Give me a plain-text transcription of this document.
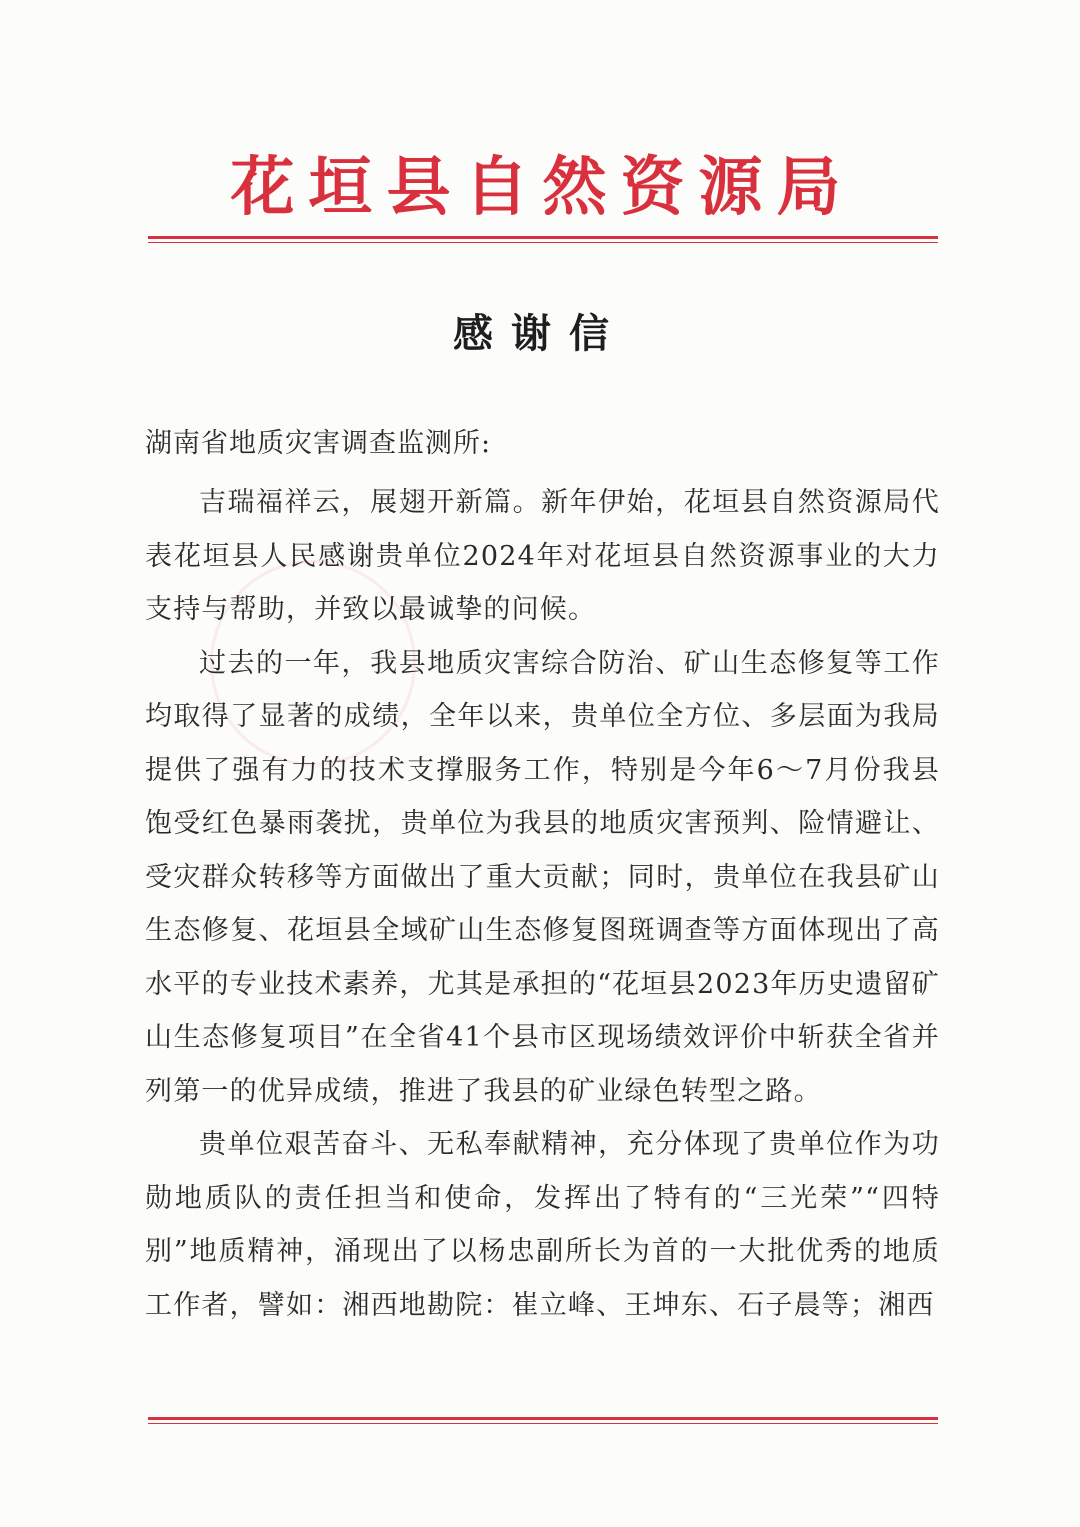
花垣县自然资源局
感谢信
湖南省地质灾害调查监测所:

吉瑞福祥云，展翅开新篇。新年伊始，花垣县自然资源局代表花垣县人民感谢贵单位2024年对花垣县自然资源事业的大力支持与帮助，并致以最诚挚的问候。

过去的一年，我县地质灾害综合防治、矿山生态修复等工作均取得了显著的成绩，全年以来，贵单位全方位、多层面为我局提供了强有力的技术支撑服务工作，特别是今年6～7月份我县饱受红色暴雨袭扰，贵单位为我县的地质灾害预判、险情避让、受灾群众转移等方面做出了重大贡献；同时，贵单位在我县矿山生态修复、花垣县全域矿山生态修复图斑调查等方面体现出了高水平的专业技术素养，尤其是承担的“花垣县2023年历史遗留矿山生态修复项目”在全省41个县市区现场绩效评价中斩获全省并列第一的优异成绩，推进了我县的矿业绿色转型之路。

贵单位艰苦奋斗、无私奉献精神，充分体现了贵单位作为功勋地质队的责任担当和使命，发挥出了特有的“三光荣”“四特别”地质精神，涌现出了以杨忠副所长为首的一大批优秀的地质工作者，譬如：湘西地勘院：崔立峰、王坤东、石子晨等；湘西
